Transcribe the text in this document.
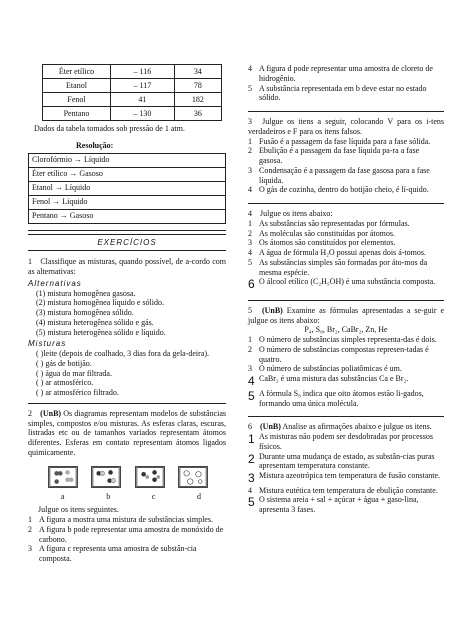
Éter etílico	– 116	34
Etanol	– 117	78
Fenol	41	182
Pentano	– 130	36

Dados da tabela tomados sob pressão de 1 atm.

Resolução:

Clorofórmio → Líquido
Éter etílico → Gasoso
Etanol → Líquido
Fenol → Líquido
Pentano → Gasoso
EXERCÍCIOS

1 Classifique as misturas, quando possível, de a-cordo com as alternativas:

Alternativas

(1) mistura homogênea gasosa.

(2) mistura homogênea líquido e sólido.

(3) mistura homogênea sólido.

(4) mistura heterogênea sólido e gás.

(5) mistura heterogênea sólido e líquido.

Misturas

( )leite (depois de coalhado, 3 dias fora da gela-deira).

( ) gás de botijão.

( ) água do mar filtrada.

( ) ar atmosférico.

( ) ar atmosférico filtrado.

2 (UnB) Os diagramas representam modelos de substâncias simples, compostos e/ou misturas. As esferas claras, escuras, listradas etc ou de tamanhos variados representam átomos diferentes. Esferas em contato representam átomos ligados quimicamente.

a	b	c	d

Julgue os itens seguintes.

1 A figura a mostra uma mistura de substâncias simples.
2 A figura b pode representar uma amostra de monóxido de carbono.
3 A figura c representa uma amostra de substân-cia composta.
4 A figura d pode representar uma amostra de cloreto de hidrogênio.
5 A substância representada em b deve estar no estado sólido.

3 Julgue os itens a seguir, colocando V para os i-tens verdadeiros e F para os itens falsos.

1 Fusão é a passagem da fase líquida para a fase sólida.
2 Ebulição é a passagem da fase líquida pa-ra a fase gasosa.
3 Condensação é a passagem da fase gasosa para a fase líquida.
4 O gás de cozinha, dentro do botijão cheio, é lí-quido.

4 Julgue os itens abaixo:

1 As substâncias são representadas por fórmulas.
2 As moléculas são constituídas por átomos.
3 Os átomos são constituídos por elementos.
4 A água de fórmula H₂O possui apenas dois á-tomos.
5 As substâncias simples são formadas por áto-mos da mesma espécie.
6 O álcool etílico (C₂H₅OH) é uma substância composta.

5 (UnB) Examine as fórmulas apresentadas a se-guir e julgue os itens abaixo:

P₄, S₈, Br₂, CaBr₂, Zn, He

1 O número de substâncias simples representa-das é dois.
2 O número de substâncias compostas represen-tadas é quatro.
3 O número de substâncias poliatômicas é um.
4 CaBr₂ é uma mistura das substâncias Ca e Br₂.
5 A fórmula S₈ indica que oito átomos estão li-gados, formando uma única molécula.

6 (UnB) Analise as afirmações abaixo e julgue os itens.

1 As misturas não podem ser desdobradas por processos físicos.
2 Durante uma mudança de estado, as substân-cias puras apresentam temperatura constante.
3 Mistura azeotrópica tem temperatura de fusão constante.
4 Mistura eutética tem temperatura de ebulição constante.
5 O sistema areia + sal + açúcar + água + gaso-lina, apresenta 3 fases.
